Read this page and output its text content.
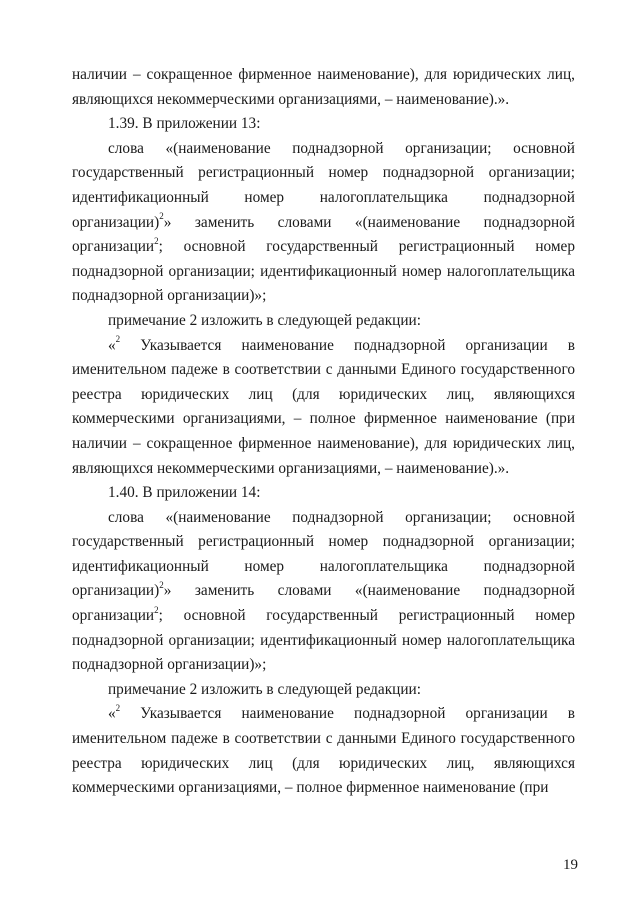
наличии – сокращенное фирменное наименование), для юридических лиц, являющихся некоммерческими организациями, – наименование).».

1.39. В приложении 13:

слова «(наименование поднадзорной организации; основной государственный регистрационный номер поднадзорной организации; идентификационный номер налогоплательщика поднадзорной организации)$^2$» заменить словами «(наименование поднадзорной организации$^2$; основной государственный регистрационный номер поднадзорной организации; идентификационный номер налогоплательщика поднадзорной организации)»;

примечание 2 изложить в следующей редакции:

«$^2$ Указывается наименование поднадзорной организации в именительном падеже в соответствии с данными Единого государственного реестра юридических лиц (для юридических лиц, являющихся коммерческими организациями, – полное фирменное наименование (при наличии – сокращенное фирменное наименование), для юридических лиц, являющихся некоммерческими организациями, – наименование).».

1.40. В приложении 14:

слова «(наименование поднадзорной организации; основной государственный регистрационный номер поднадзорной организации; идентификационный номер налогоплательщика поднадзорной организации)$^2$» заменить словами «(наименование поднадзорной организации$^2$; основной государственный регистрационный номер поднадзорной организации; идентификационный номер налогоплательщика поднадзорной организации)»;

примечание 2 изложить в следующей редакции:

«$^2$ Указывается наименование поднадзорной организации в именительном падеже в соответствии с данными Единого государственного реестра юридических лиц (для юридических лиц, являющихся коммерческими организациями, – полное фирменное наименование (при

19
